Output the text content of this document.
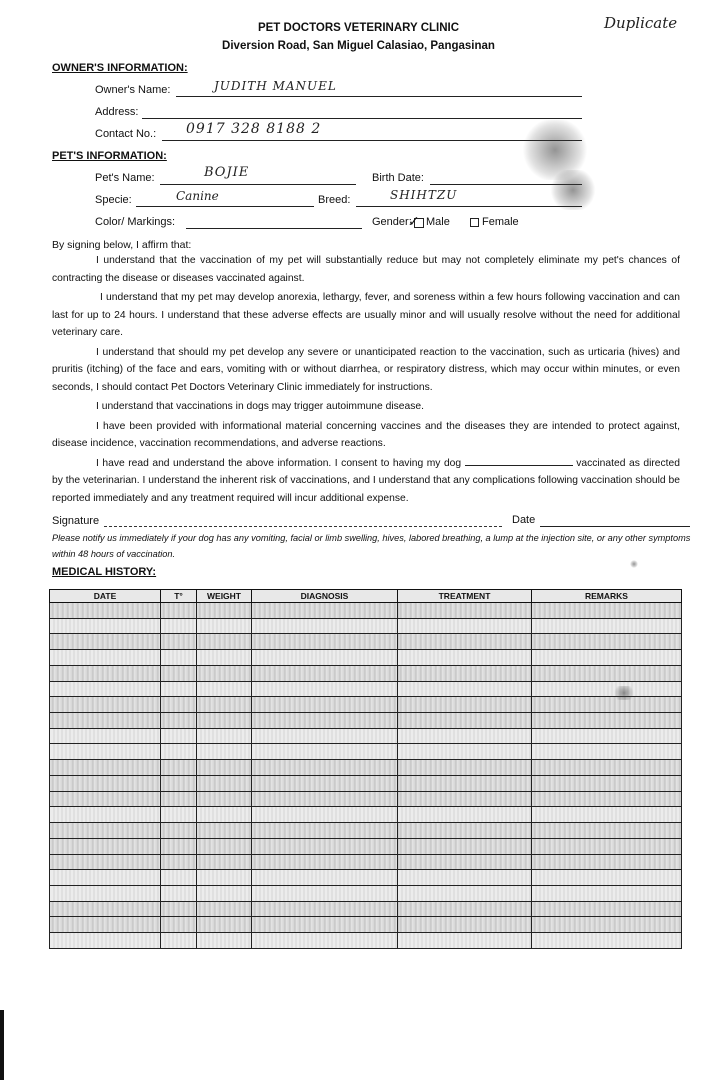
PET DOCTORS VETERINARY CLINIC
Diversion Road, San Miguel Calasiao, Pangasinan
Duplicate
OWNER'S INFORMATION:
Owner's Name:	JUDITH MANUEL
Address:
Contact No.: 0917 328 8188 2
PET'S INFORMATION:
Pet's Name:	BOJIE	Birth Date:
Specie:	Canine	Breed:	SHIHTZU
Color/ Markings:	Gender:
✓ Male	Female
By signing below, I affirm that:

I understand that the vaccination of my pet will substantially reduce but may not completely eliminate my pet's chances of contracting the disease or diseases vaccinated against.

I understand that my pet may develop anorexia, lethargy, fever, and soreness within a few hours following vaccination and can last for up to 24 hours. I understand that these adverse effects are usually minor and will usually resolve without the need for additional veterinary care.

I understand that should my pet develop any severe or unanticipated reaction to the vaccination, such as urticaria (hives) and pruritis (itching) of the face and ears, vomiting with or without diarrhea, or respiratory distress, which may occur within minutes, or even seconds, I should contact Pet Doctors Veterinary Clinic immediately for instructions.

I understand that vaccinations in dogs may trigger autoimmune disease.

I have been provided with informational material concerning vaccines and the diseases they are intended to protect against, disease incidence, vaccination recommendations, and adverse reactions.

I have read and understand the above information. I consent to having my dog	vaccinated as directed by the veterinarian. I understand the inherent risk of vaccinations, and I understand that any complications following vaccination should be reported immediately and any treatment required will incur additional expense.

Signature	Date
Please notify us immediately if your dog has any vomiting, facial or limb swelling, hives, labored breathing, a lump at the injection site, or any other symptoms within 48 hours of vaccination.
MEDICAL HISTORY:
DATE	T°	WEIGHT	DIAGNOSIS	TREATMENT	REMARKS
